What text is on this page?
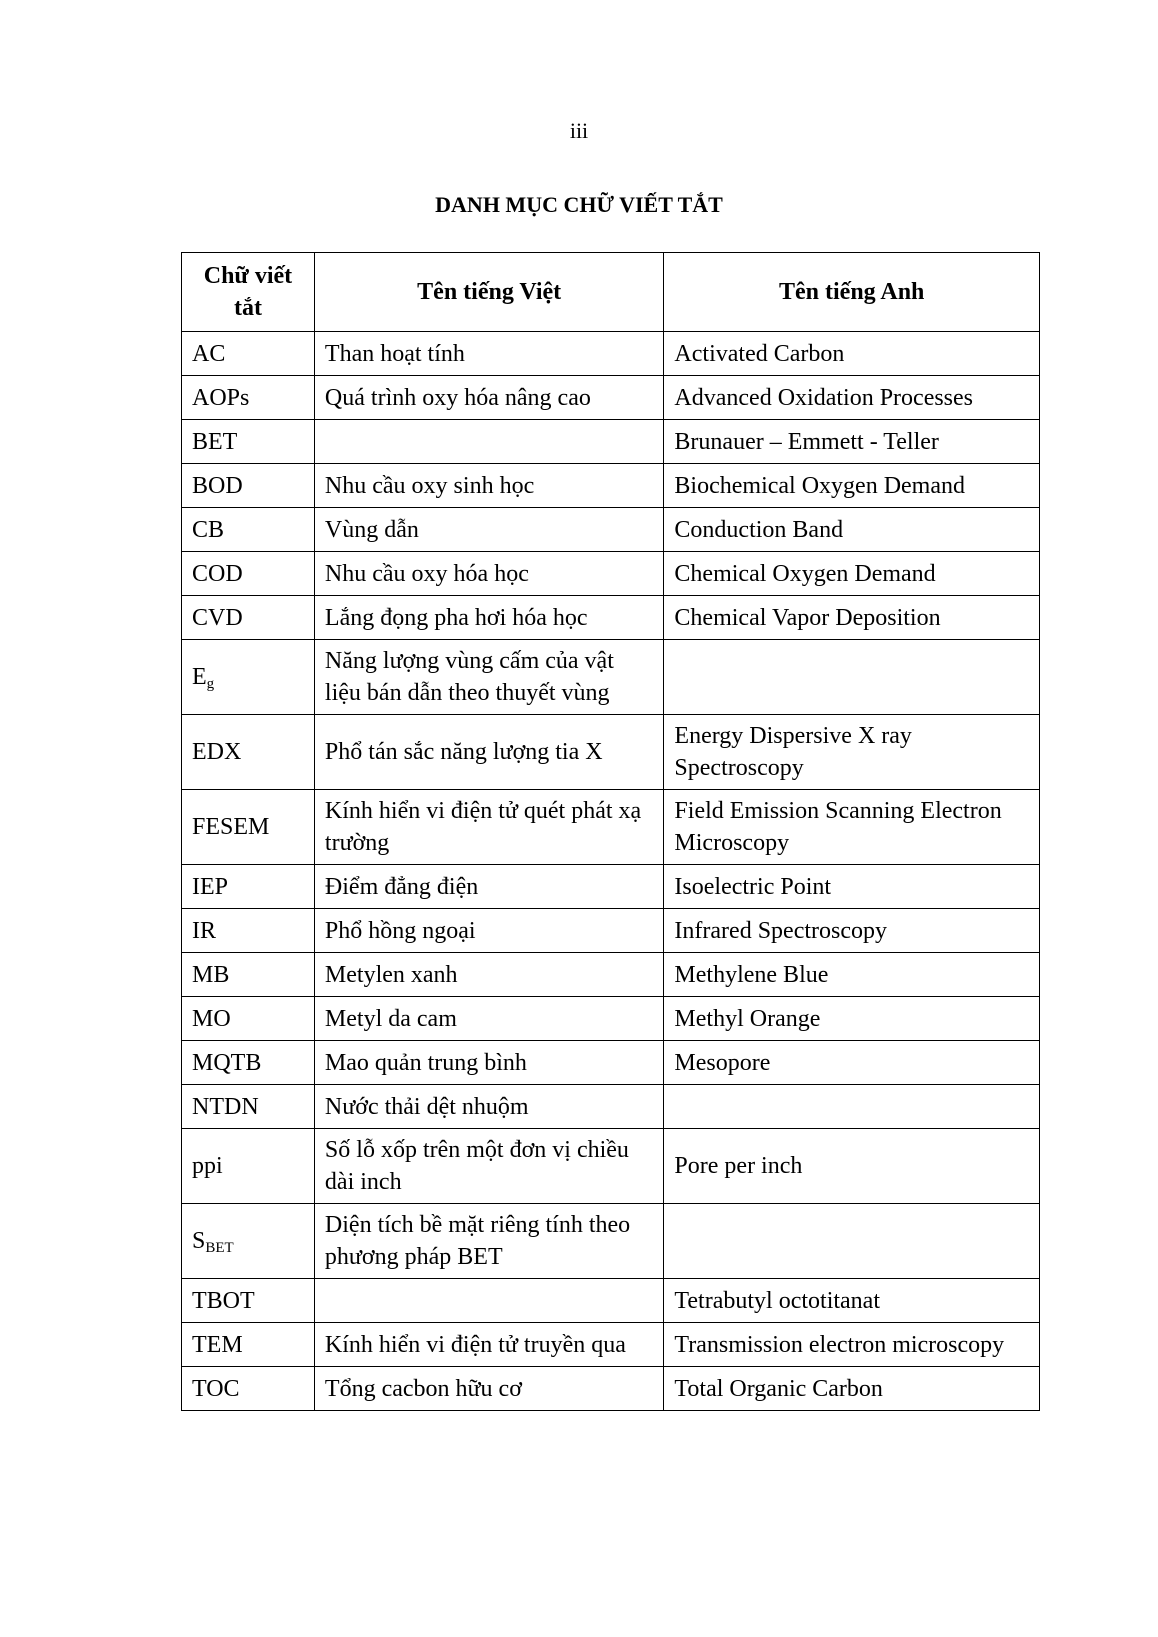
iii
DANH MỤC CHỮ VIẾT TẮT
Chữ viết tắt	Tên tiếng Việt	Tên tiếng Anh
AC	Than hoạt tính	Activated Carbon
AOPs	Quá trình oxy hóa nâng cao	Advanced Oxidation Processes
BET		Brunauer – Emmett - Teller
BOD	Nhu cầu oxy sinh học	Biochemical Oxygen Demand
CB	Vùng dẫn	Conduction Band
COD	Nhu cầu oxy hóa học	Chemical Oxygen Demand
CVD	Lắng đọng pha hơi hóa học	Chemical Vapor Deposition
$E_g$	Năng lượng vùng cấm của vật liệu bán dẫn theo thuyết vùng	
EDX	Phổ tán sắc năng lượng tia X	Energy Dispersive X ray Spectroscopy
FESEM	Kính hiển vi điện tử quét phát xạ trường	Field Emission Scanning Electron Microscopy
IEP	Điểm đẳng điện	Isoelectric Point
IR	Phổ hồng ngoại	Infrared Spectroscopy
MB	Metylen xanh	Methylene Blue
MO	Metyl da cam	Methyl Orange
MQTB	Mao quản trung bình	Mesopore
NTDN	Nước thải dệt nhuộm	
ppi	Số lỗ xốp trên một đơn vị chiều dài inch	Pore per inch
$S_{BET}$	Diện tích bề mặt riêng tính theo phương pháp BET	
TBOT		Tetrabutyl octotitanat
TEM	Kính hiển vi điện tử truyền qua	Transmission electron microscopy
TOC	Tổng cacbon hữu cơ	Total Organic Carbon
